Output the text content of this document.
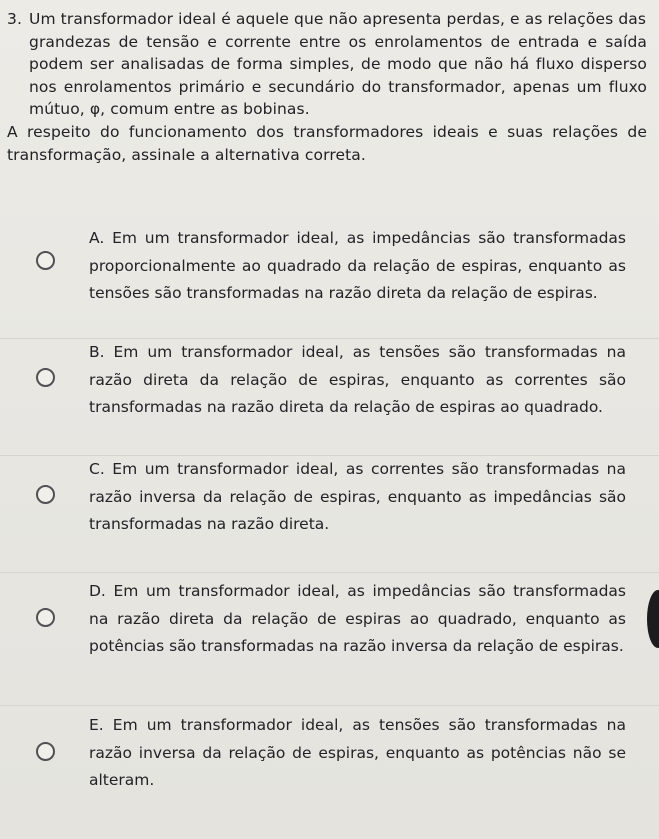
3. Um transformador ideal é aquele que não apresenta perdas, e as relações das
grandezas de tensão e corrente entre os enrolamentos de entrada e saída podem ser analisadas de forma simples, de modo que não há fluxo disperso nos enrolamentos primário e secundário do transformador, apenas um fluxo mútuo, φ, comum entre as bobinas.

A respeito do funcionamento dos transformadores ideais e suas relações de transformação, assinale a alternativa correta.

A. Em um transformador ideal, as impedâncias são transformadas proporcionalmente ao quadrado da relação de espiras, enquanto as tensões são transformadas na razão direta da relação de espiras.
B. Em um transformador ideal, as tensões são transformadas na razão direta da relação de espiras, enquanto as correntes são transformadas na razão direta da relação de espiras ao quadrado.
C. Em um transformador ideal, as correntes são transformadas na razão inversa da relação de espiras, enquanto as impedâncias são transformadas na razão direta.
D. Em um transformador ideal, as impedâncias são transformadas na razão direta da relação de espiras ao quadrado, enquanto as potências são transformadas na razão inversa da relação de espiras.
E. Em um transformador ideal, as tensões são transformadas na razão inversa da relação de espiras, enquanto as potências não se alteram.
